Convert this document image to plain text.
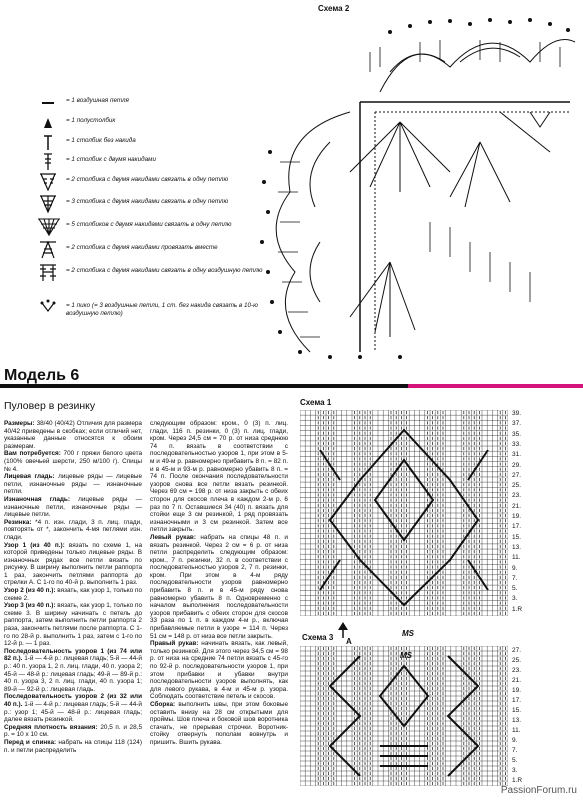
Схема 2
= 1 воздушная петля
= 1 полустолбик
= 1 столбик без накида
= 1 столбик с двумя накидами
= 2 столбика с двумя накидами связать в одну петлю
= 3 столбика с двумя накидами связать в одну петлю
= 5 столбиков с двумя накидами связать в одну петлю
= 2 столбика с двумя накидами провязать вместе
= 2 столбика с двумя накидами связать в одну воздушную петлю
= 1 пико (= 3 воздушные петли, 1 ст. без накида связать в 10-ю воздушную петлю)
Модель 6
Пуловер в резинку

Размеры: 38/40 (40/42) Отличия для размера 40/42 приведены в скобках; если отличий нет, указанные данные относятся к обоим размерам.

Вам потребуется: 700 г пряжи белого цвета (100% овечьей шерсти, 250 м/100 г). Спицы № 4.

Лицевая гладь: лицевые ряды — лицевые петли, изнаночные ряды — изнаночные петли.

Изнаночная гладь: лицевые ряды — изнаночные петли, изнаночные ряды — лицевые петли.

Резинка: *4 п. изн. глади, 3 п. лиц. глади, повторять от *, закончить 4-мя петлями изн. глади.

Узор 1 (из 40 п.): вязать по схеме 1, на которой приведены только лицевые ряды. В изнаночных рядах все петли вязать по рисунку. В ширину выполнить петли раппорта 1 раз, закончить петлями раппорта до стрелки А. С 1-го по 40-й р. выполнить 1 раз.

Узор 2 (из 40 п.): вязать, как узор 1, только по схеме 2.

Узор 3 (из 40 п.): вязать, как узор 1, только по схеме 3. В ширину начинать с петель до раппорта, затем выполнить петли раппорта 2 раза, закончить петлями после раппорта. С 1-го по 28-й р. выполнить 1 раз, затем с 1-го по 12-й р. — 1 раз.

Последовательность узоров 1 (из 74 или 82 п.). 1-й — 4-й р.: лицевая гладь; 5-й — 44-й р.: 40 п. узора 1, 2 п. лиц. глади, 40 п. узора 2; 45-й — 48-й р.: лицевая гладь; 49-й — 89-й р.: 40 п. узора 3, 2 п. лиц. глади, 40 п. узора 1; 89-й — 92-й р.: лицевая гладь.

Последовательность узоров 2 (из 32 или 40 п.). 1-й — 4-й р.: лицевая гладь; 5-й — 44-й р.: узор 1; 45-й — 48-й р.: лицевая гладь; далее вязать резинкой.

Средняя плотность вязания: 20,5 п. и 28,5 р. = 10 х 10 см.

Перед и спинка: набрать на спицы 118 (124) п. и петли распределить

следующим образом: кром., 0 (3) п. лиц. глади, 116 п. резинки, 0 (3) п. лиц. глади, кром. Через 24,5 см = 70 р. от низа среднюю 74 п. вязать в соответствии с последовательностью узоров 1, при этом в 5-м и 49-м р. равномерно прибавить 8 п. = 82 п. и в 45-м и 93-м р. равномерно убавить 8 п. = 74 п. После окончания последовательности узоров снова все петли вязать резинкой. Через 69 см = 198 р. от низа закрыть с обеих сторон для скосов плеча в каждом 2-м р. 6 раз по 7 п. Оставшиеся 34 (40) п. вязать для стойки еще 3 см резинкой, 1 ряд провязать изнаночными и 3 см резинкой. Затем все петли закрыть.

Левый рукав: набрать на спицы 48 п. и вязать резинкой. Через 2 см = 6 р. от низа петли распределить следующим образом: кром., 7 п. резинки, 32 п. в соответствии с последовательностью узоров 2, 7 п. резинки, кром. При этом в 4-м ряду последовательности узоров равномерно прибавить 8 п. и в 45-м ряду снова равномерно убавить 8 п. Одновременно с началом выполнения последовательности узоров прибавить с обеих сторон для скосов 33 раза по 1 п. в каждом 4-м р., включая прибавляемые петли в узоре = 114 п. Через 51 см = 148 р. от низа все петли закрыть.

Правый рукав: начинать вязать, как левый, только резинкой. Для этого через 34,5 см = 98 р. от низа на средние 74 петли вязать с 45-го по 92-й р. последовательности узоров 1, при этом прибавки и убавки внутри последовательности узоров выполнять, как для левого рукава, в 4-м и 45-м р. узора. Соблюдать соответствие петель и скосов.

Сборка: выполнить швы, при этом боковые оставить внизу на 28 см открытыми для проймы. Шов плеча и боковой шов воротника стачать, не прерывая строчки. Воротник-стойку отвернуть пополам вовнутрь и пришить. Вшить рукава.

Схема 1
39.
37.
35.
33.
31.
29.
27.
25.
23.
21.
19.
17.
15.
13.
11.
9.
7.
5.
3.
1.R
MS
A
Схема 3
27.
25.
23.
21.
19.
17.
15.
13.
11.
9.
7.
5.
3.
1.R
MS
PassionForum.ru
